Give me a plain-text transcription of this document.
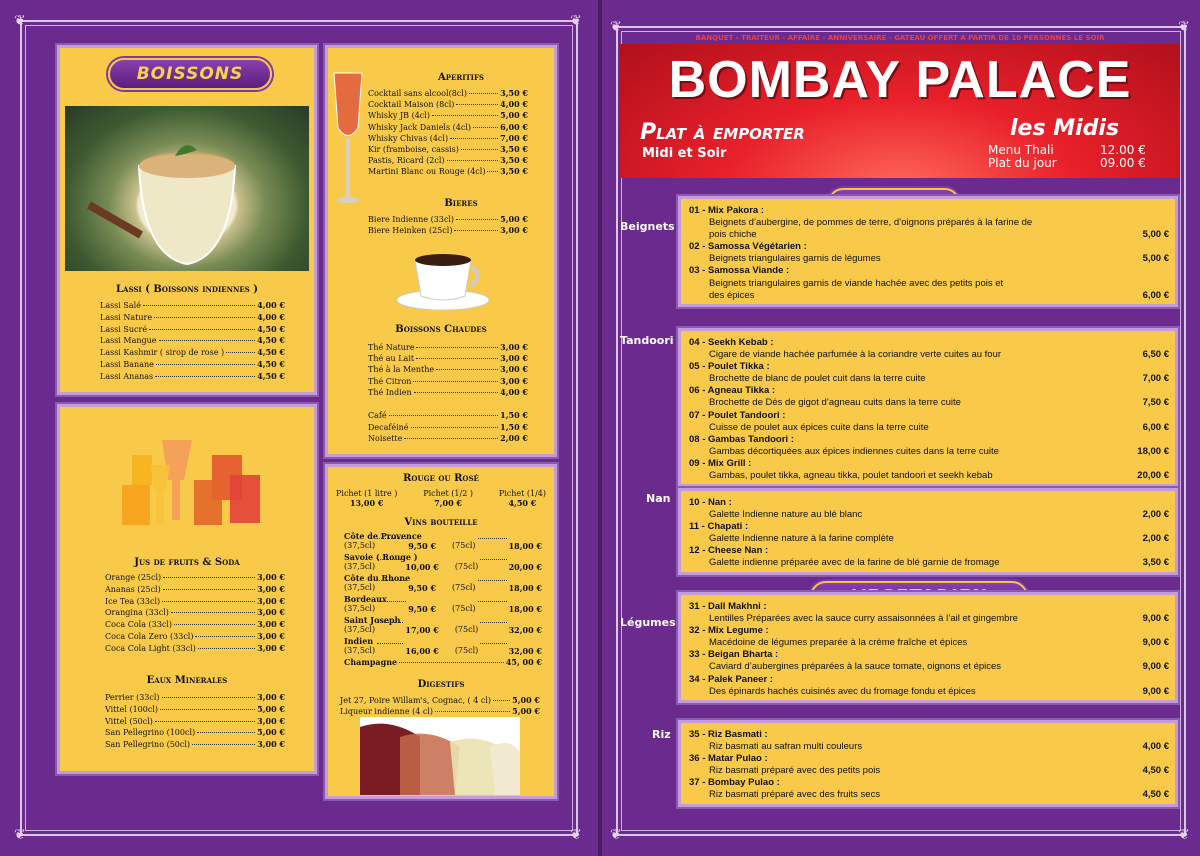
❦	❦
❦	❦
Lassi ( Boissons indiennes )
Lassi Salé	4,00 €
Lassi Nature	4,00 €
Lassi Sucré	4,50 €
Lassi Mangue	4,50 €
Lassi Kashmir ( sirop de rose )	4,50 €
Lassi Banane	4,50 €
Lassi Ananas	4,50 €
BOISSONS
Jus de fruits & Soda
Orange (25cl)	3,00 €
Ananas (25cl)	3,00 €
Ice Tea (33cl)	3,00 €
Orangina (33cl)	3,00 €
Coca Cola (33cl)	3,00 €
Coca Cola Zero (33cl)	3,00 €
Coca Cola Light (33cl)	3,00 €
Eaux Minerales
Perrier (33cl)	3,00 €
Vittel (100cl)	5,00 €
Vittel (50cl)	3,00 €
San Pellegrino (100cl)	5,00 €
San Pellegrino (50cl)	3,00 €
Aperitifs
Cocktail sans alcool(8cl)	3,50 €
Cocktail Maison (8cl)	4,00 €
Whisky JB (4cl)	5,00 €
Whisky Jack Daniels (4cl)	6,00 €
Whisky Chivas (4cl)	7,00 €
Kir (framboise, cassis)	3,50 €
Pastis, Ricard (2cl)	3,50 €
Martini Blanc ou Rouge (4cl) 3,50 €
Bieres
Biere Indienne (33cl)	5,00 €
Biere Heinken (25cl)	3,00 €
Boissons Chaudes
Thé Nature	3,00 €
Thé au Lait	3,00 €
Thé à la Menthe	3,00 €
Thé Citron	3,00 €
Thé Indien	4,00 €
Café	1,50 €
Decaféiné	1,50 €
Noisette	2,00 €
Rouge ou Rosé
Pichet (1 litre )
13,00 €
Pichet (1/2 )
7,00 €
Pichet (1/4)
4,50 €
Vins bouteille
Côte de Provence
(37,5cl)	9,50 € (75cl)	18,00 €
Savoie ( Rouge )
(37,5cl)	10,00 € (75cl)	20,00 €
Côte du Rhone
(37,5cl)	9,50 € (75cl)	18,00 €
Bordeaux
(37,5cl)	9,50 € (75cl)	18,00 €
Saint Joseph
(37,5cl)	17,00 € (75cl)	32,00 €
Indien
(37,5cl)	16,00 € (75cl)	32,00 €
Champagne	45, 00 €
Digestifs
Jet 27, Poire Willam's, Cognac, ( 4 cl)	5,00 €
Liqueur indienne (4 cl)	5,00 €
❦	❦
❦	❦
BANQUET - TRAITEUR - AFFAIRE - ANNIVERSAIRE - GATEAU OFFERT A PARTIR DE 10 PERSONNES LE SOIR
BOMBAY PALACE
Plat à emporter
Midi et Soir
les Midis
Menu Thali	12.00 €
Plat du jour	09.00 €
Beignets
01 - Mix Pakora :
Beignets d’aubergine, de pommes de terre, d’oignons préparés à la farine de
pois chiche	5,00 €
02 - Samossa Végétarien :
Beignets triangulaires garnis de légumes	5,00 €
03 - Samossa Viande :
Beignets triangulaires garnis de viande hachée avec des petits pois et
des épices	6,00 €
Tandoori 04 - Seekh Kebab :
Cigare de viande hachée parfumée à la coriandre verte cuites au four	6,50 €
05 - Poulet Tikka :
Brochette de blanc de poulet cuit dans la terre cuite	7,00 €
06 - Agneau Tikka :
Brochette de Dés de gigot d’agneau cuits dans la terre cuite	7,50 €
07 - Poulet Tandoori :
Cuisse de poulet aux épices cuite dans la terre cuite	6,00 €
08 - Gambas Tandoori :
Gambas décortiquées aux épices indiennes cuites dans la terre cuite	18,00 €
09 - Mix Grill :
Gambas, poulet tikka, agneau tikka, poulet tandoori et seekh kebab	20,00 €
Nan 10 - Nan :
Galette Indienne nature au blé blanc	2,00 €
11 - Chapati :
Galette Indienne nature à la farine complète	2,00 €
12 - Cheese Nan :
Galette indienne préparée avec de la farine de blé garnie de fromage	3,50 €
Légumes
31 - Dall Makhni :
Lentilles Préparées avec la sauce curry assaisonnées à l’ail et gingembre	9,00 €
32 - Mix Legume :
Macédoine de légumes preparée à la crème fraîche et épices	9,00 €
33 - Beigan Bharta :
Caviard d’aubergines préparées à la sauce tomate, oignons et épices	9,00 €
34 - Palek Paneer :
Des épinards hachés cuisinés avec du fromage fondu et épices	9,00 €
Riz 35 - Riz Basmati :
Riz basmati au safran multi couleurs	4,00 €
36 - Matar Pulao :
Riz basmati préparé avec des petits pois	4,50 €
37 - Bombay Pulao :
Riz basmati préparé avec des fruits secs	4,50 €
